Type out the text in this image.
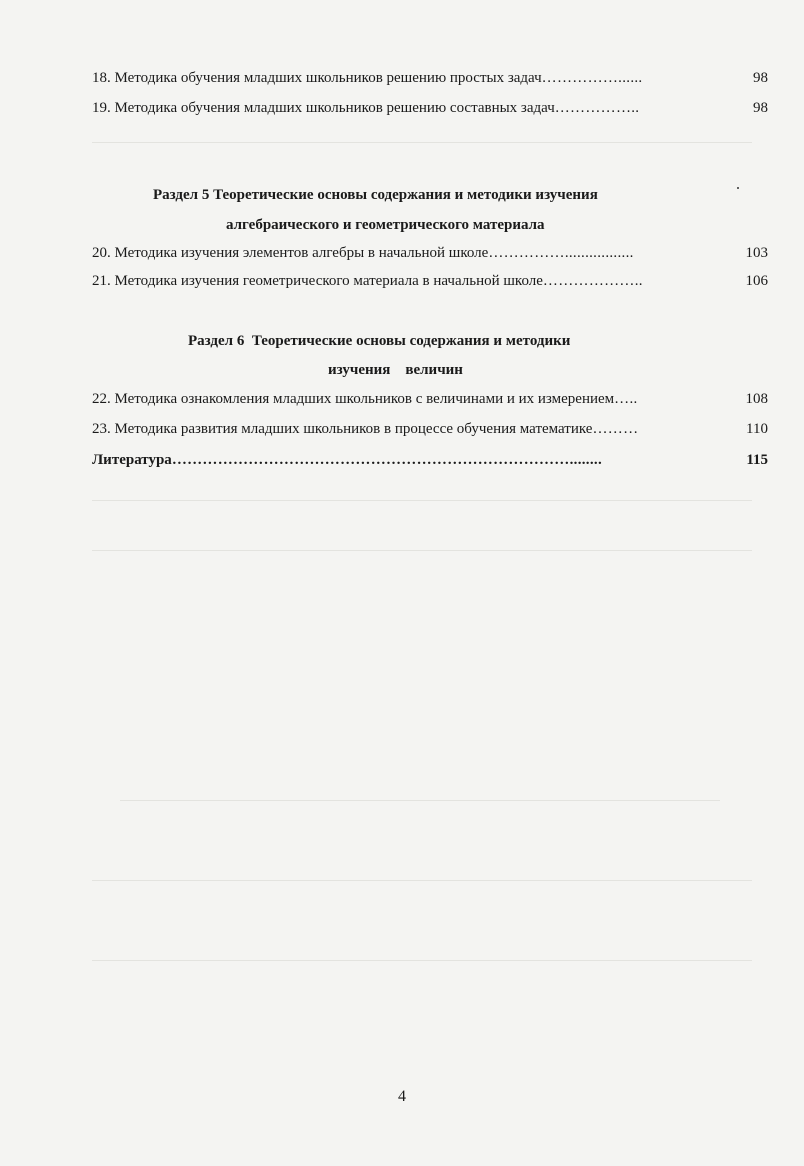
18. Методика обучения младших школьников решению простых задач ……………......	98
19. Методика обучения младших школьников решению составных задач ……………..	98
Раздел 5 Теоретические основы содержания и методики изучения
алгебраического и геометрического материала
20. Методика изучения элементов алгебры в начальной школе …………….................	103
21. Методика изучения геометрического материала в начальной школе ………………..	106
Раздел 6  Теоретические основы содержания и методики
изучения    величин
22. Методика ознакомления младших школьников с величинами и их измерением …..	108
23. Методика развития младших школьников в процессе обучения математике ………	110
Литература ……………………………………………………………………........	115
4
